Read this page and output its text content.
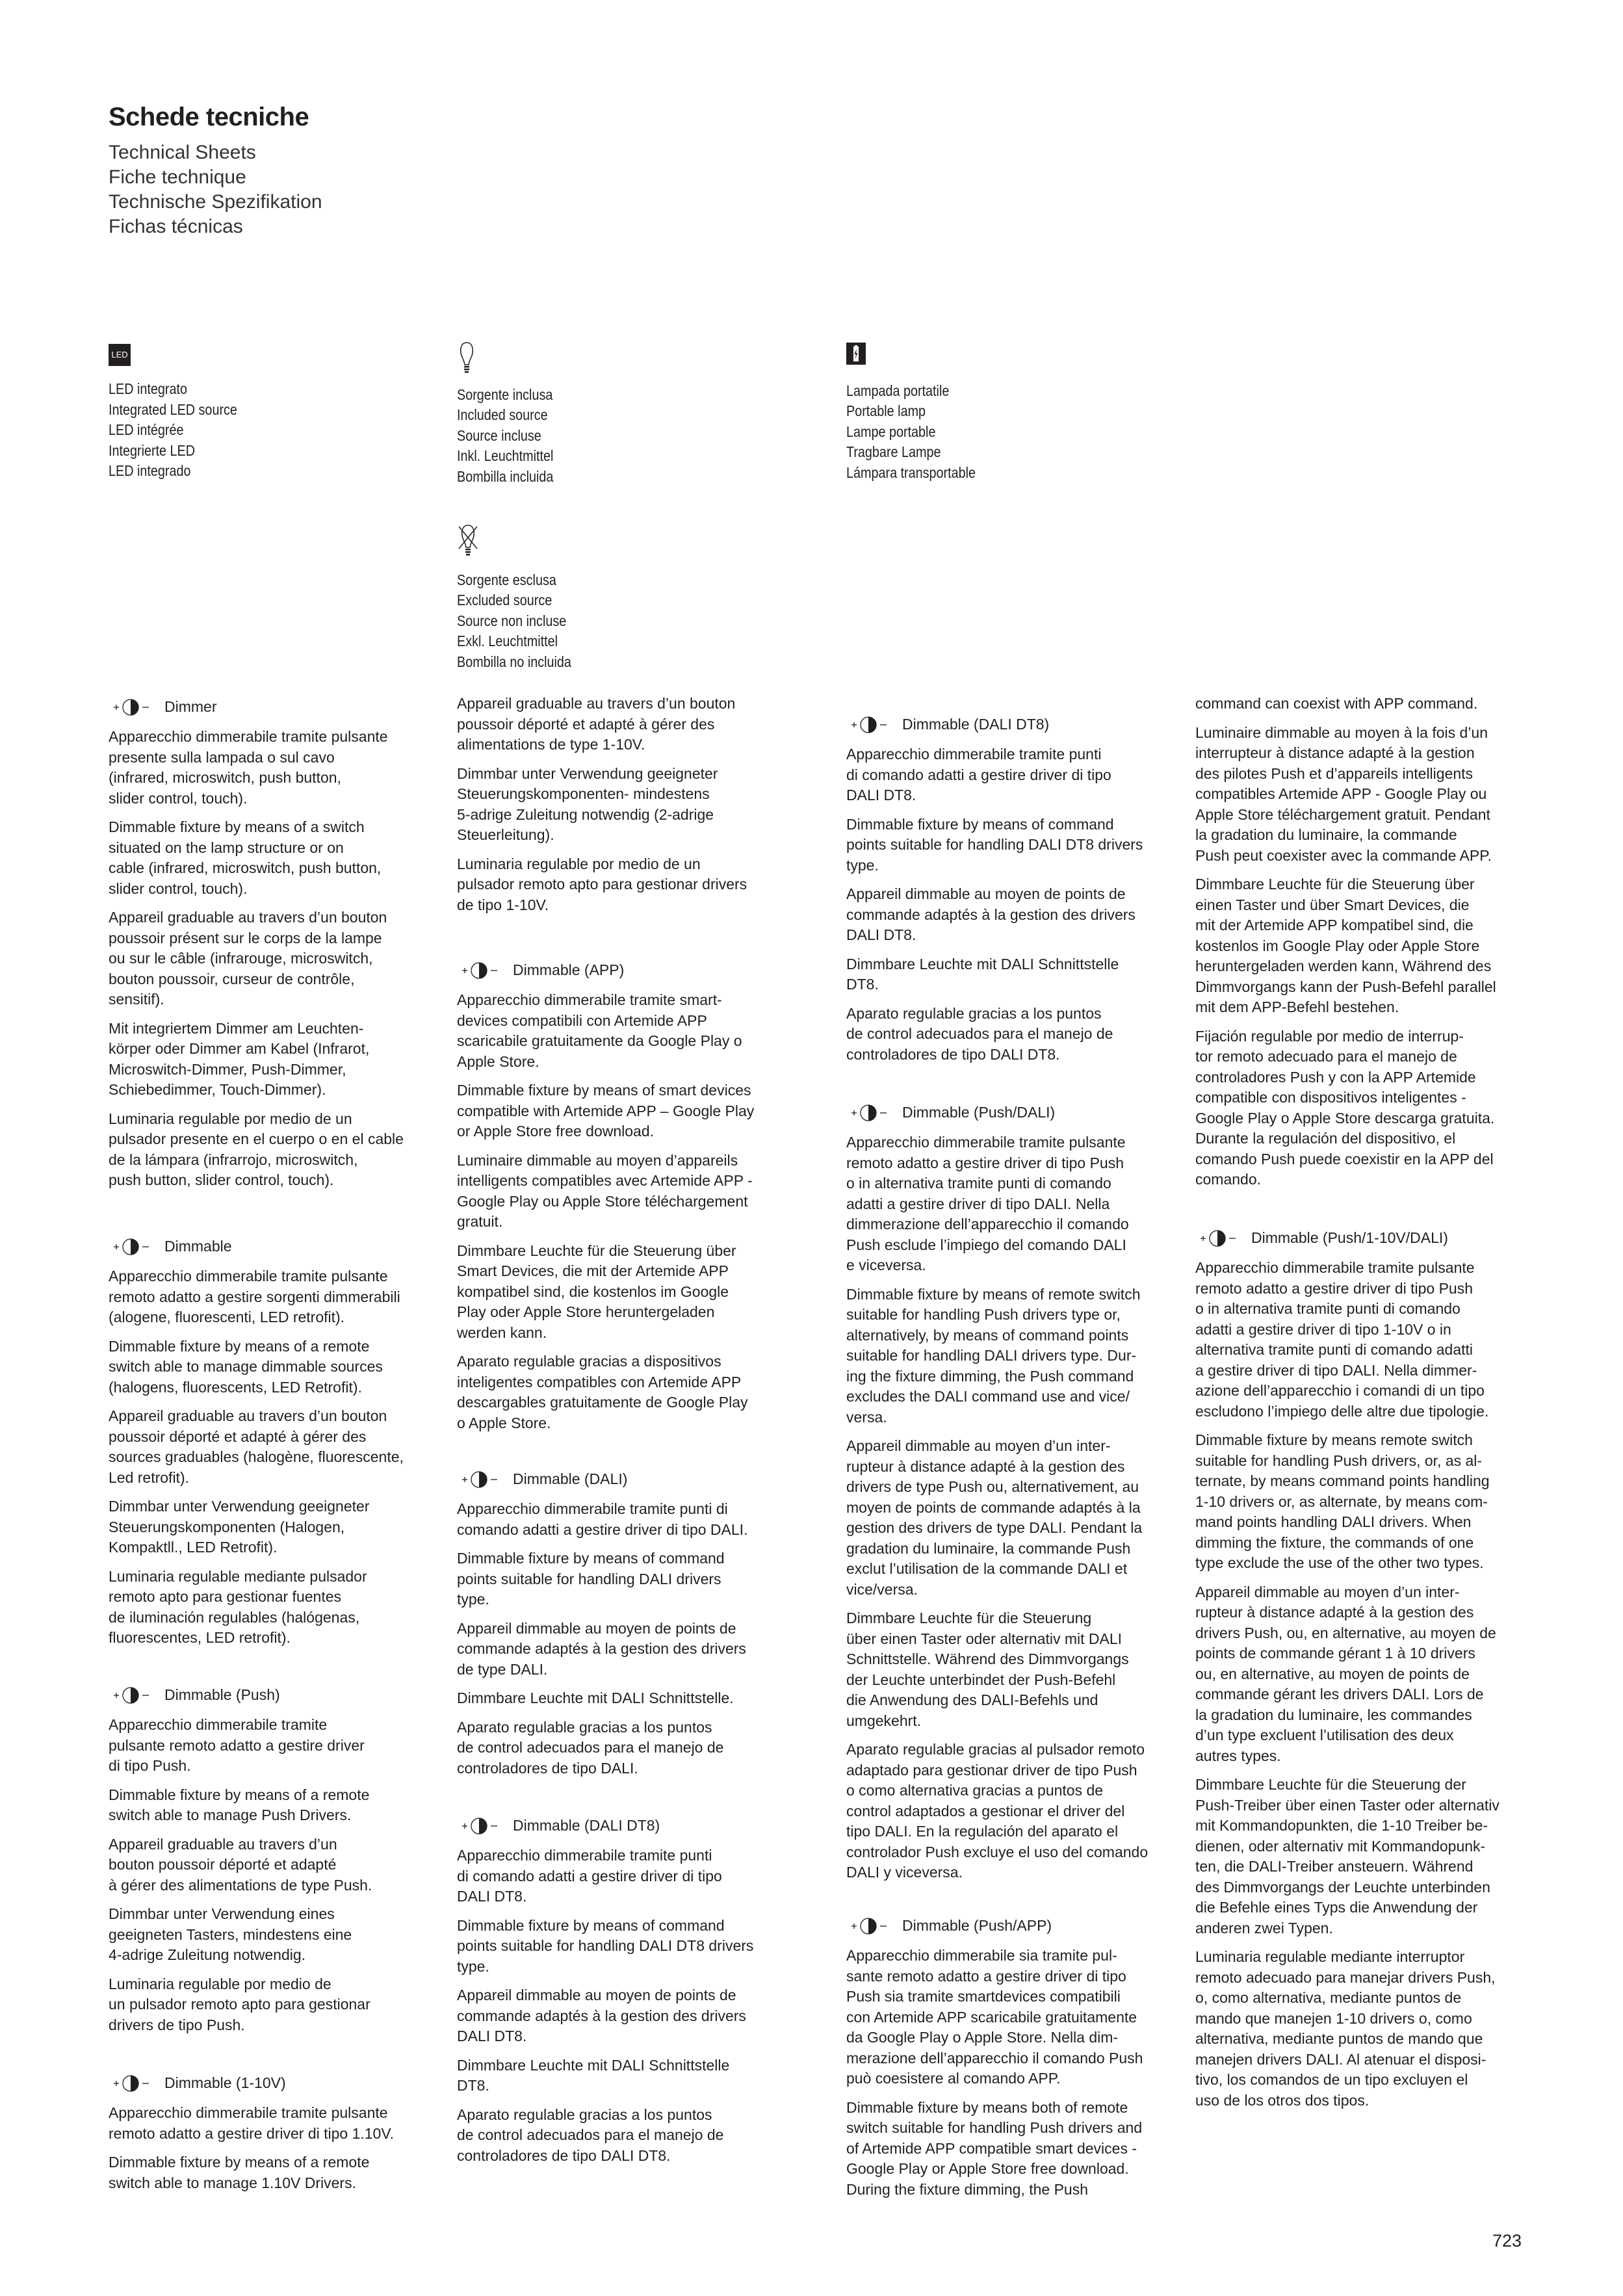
Schede tecniche
Technical Sheets
Fiche technique
Technische Spezifikation
Fichas técnicas
LED
LED integrato
Integrated LED source
LED intégrée
Integrierte LED
LED integrado
Sorgente inclusa
Included source
Source incluse
Inkl. Leuchtmittel
Bombilla incluida
Sorgente esclusa
Excluded source
Source non incluse
Exkl. Leuchtmittel
Bombilla no incluida
Lampada portatile
Portable lamp
Lampe portable
Tragbare Lampe
Lámpara transportable
Dimmer
Apparecchio dimmerabile tramite pulsante
presente sulla lampada o sul cavo
(infrared, microswitch, push button,
slider control, touch).
Dimmable fixture by means of a switch
situated on the lamp structure or on
cable (infrared, microswitch, push button,
slider control, touch).
Appareil graduable au travers d’un bouton
poussoir présent sur le corps de la lampe
ou sur le câble (infrarouge, microswitch,
bouton poussoir, curseur de contrôle,
sensitif).
Mit integriertem Dimmer am Leuchten-
körper oder Dimmer am Kabel (Infrarot,
Microswitch-Dimmer, Push-Dimmer,
Schiebedimmer, Touch-Dimmer).
Luminaria regulable por medio de un
pulsador presente en el cuerpo o en el cable
de la lámpara (infrarrojo, microswitch,
push button, slider control, touch).
Dimmable
Apparecchio dimmerabile tramite pulsante
remoto adatto a gestire sorgenti dimmerabili
(alogene, fluorescenti, LED retrofit).
Dimmable fixture by means of a remote
switch able to manage dimmable sources
(halogens, fluorescents, LED Retrofit).
Appareil graduable au travers d’un bouton
poussoir déporté et adapté à gérer des
sources graduables (halogène, fluorescente,
Led retrofit).
Dimmbar unter Verwendung geeigneter
Steuerungskomponenten (Halogen,
Kompaktll., LED Retrofit).
Luminaria regulable mediante pulsador
remoto apto para gestionar fuentes
de iluminación regulables (halógenas,
fluorescentes, LED retrofit).
Dimmable (Push)
Apparecchio dimmerabile tramite
pulsante remoto adatto a gestire driver
di tipo Push.
Dimmable fixture by means of a remote
switch able to manage Push Drivers.
Appareil graduable au travers d’un
bouton poussoir déporté et adapté
à gérer des alimentations de type Push.
Dimmbar unter Verwendung eines
geeigneten Tasters, mindestens eine
4-adrige Zuleitung notwendig.
Luminaria regulable por medio de
un pulsador remoto apto para gestionar
drivers de tipo Push.
Dimmable (1-10V)
Apparecchio dimmerabile tramite pulsante
remoto adatto a gestire driver di tipo 1.10V.
Dimmable fixture by means of a remote
switch able to manage 1.10V Drivers.
Appareil graduable au travers d’un bouton
poussoir déporté et adapté à gérer des
alimentations de type 1-10V.
Dimmbar unter Verwendung geeigneter
Steuerungskomponenten- mindestens
5-adrige Zuleitung notwendig (2-adrige
Steuerleitung).
Luminaria regulable por medio de un
pulsador remoto apto para gestionar drivers
de tipo 1-10V.
Dimmable (APP)
Apparecchio dimmerabile tramite smart-
devices compatibili con Artemide APP
scaricabile gratuitamente da Google Play o
Apple Store.
Dimmable fixture by means of smart devices
compatible with Artemide APP – Google Play
or Apple Store free download.
Luminaire dimmable au moyen d’appareils
intelligents compatibles avec Artemide APP -
Google Play ou Apple Store téléchargement
gratuit.
Dimmbare Leuchte für die Steuerung über
Smart Devices, die mit der Artemide APP
kompatibel sind, die kostenlos im Google
Play oder Apple Store heruntergeladen
werden kann.
Aparato regulable gracias a dispositivos
inteligentes compatibles con Artemide APP
descargables gratuitamente de Google Play
o Apple Store.
Dimmable (DALI)
Apparecchio dimmerabile tramite punti di
comando adatti a gestire driver di tipo DALI.
Dimmable fixture by means of command
points suitable for handling DALI drivers
type.
Appareil dimmable au moyen de points de
commande adaptés à la gestion des drivers
de type DALI.
Dimmbare Leuchte mit DALI Schnittstelle.
Aparato regulable gracias a los puntos
de control adecuados para el manejo de
controladores de tipo DALI.
Dimmable (DALI DT8)
Apparecchio dimmerabile tramite punti
di comando adatti a gestire driver di tipo
DALI DT8.
Dimmable fixture by means of command
points suitable for handling DALI DT8 drivers
type.
Appareil dimmable au moyen de points de
commande adaptés à la gestion des drivers
DALI DT8.
Dimmbare Leuchte mit DALI Schnittstelle
DT8.
Aparato regulable gracias a los puntos
de control adecuados para el manejo de
controladores de tipo DALI DT8.
Dimmable (DALI DT8)
Apparecchio dimmerabile tramite punti
di comando adatti a gestire driver di tipo
DALI DT8.
Dimmable fixture by means of command
points suitable for handling DALI DT8 drivers
type.
Appareil dimmable au moyen de points de
commande adaptés à la gestion des drivers
DALI DT8.
Dimmbare Leuchte mit DALI Schnittstelle
DT8.
Aparato regulable gracias a los puntos
de control adecuados para el manejo de
controladores de tipo DALI DT8.
Dimmable (Push/DALI)
Apparecchio dimmerabile tramite pulsante
remoto adatto a gestire driver di tipo Push
o in alternativa tramite punti di comando
adatti a gestire driver di tipo DALI. Nella
dimmerazione dell’apparecchio il comando
Push esclude l’impiego del comando DALI
e viceversa.
Dimmable fixture by means of remote switch
suitable for handling Push drivers type or,
alternatively, by means of command points
suitable for handling DALI drivers type. Dur-
ing the fixture dimming, the Push command
excludes the DALI command use and vice/
versa.
Appareil dimmable au moyen d’un inter-
rupteur à distance adapté à la gestion des
drivers de type Push ou, alternativement, au
moyen de points de commande adaptés à la
gestion des drivers de type DALI. Pendant la
gradation du luminaire, la commande Push
exclut l’utilisation de la commande DALI et
vice/versa.
Dimmbare Leuchte für die Steuerung
über einen Taster oder alternativ mit DALI
Schnittstelle. Während des Dimmvorgangs
der Leuchte unterbindet der Push-Befehl
die Anwendung des DALI-Befehls und
umgekehrt.
Aparato regulable gracias al pulsador remoto
adaptado para gestionar driver de tipo Push
o como alternativa gracias a puntos de
control adaptados a gestionar el driver del
tipo DALI. En la regulación del aparato el
controlador Push excluye el uso del comando
DALI y viceversa.
Dimmable (Push/APP)
Apparecchio dimmerabile sia tramite pul-
sante remoto adatto a gestire driver di tipo
Push sia tramite smartdevices compatibili
con Artemide APP scaricabile gratuitamente
da Google Play o Apple Store. Nella dim-
merazione dell’apparecchio il comando Push
può coesistere al comando APP.
Dimmable fixture by means both of remote
switch suitable for handling Push drivers and
of Artemide APP compatible smart devices -
Google Play or Apple Store free download.
During the fixture dimming, the Push
command can coexist with APP command.
Luminaire dimmable au moyen à la fois d’un
interrupteur à distance adapté à la gestion
des pilotes Push et d’appareils intelligents
compatibles Artemide APP - Google Play ou
Apple Store téléchargement gratuit. Pendant
la gradation du luminaire, la commande
Push peut coexister avec la commande APP.
Dimmbare Leuchte für die Steuerung über
einen Taster und über Smart Devices, die
mit der Artemide APP kompatibel sind, die
kostenlos im Google Play oder Apple Store
heruntergeladen werden kann, Während des
Dimmvorgangs kann der Push-Befehl parallel
mit dem APP-Befehl bestehen.
Fijación regulable por medio de interrup-
tor remoto adecuado para el manejo de
controladores Push y con la APP Artemide
compatible con dispositivos inteligentes -
Google Play o Apple Store descarga gratuita.
Durante la regulación del dispositivo, el
comando Push puede coexistir en la APP del
comando.
Dimmable (Push/1-10V/DALI)
Apparecchio dimmerabile tramite pulsante
remoto adatto a gestire driver di tipo Push
o in alternativa tramite punti di comando
adatti a gestire driver di tipo 1-10V o in
alternativa tramite punti di comando adatti
a gestire driver di tipo DALI. Nella dimmer-
azione dell’apparecchio i comandi di un tipo
escludono l’impiego delle altre due tipologie.
Dimmable fixture by means remote switch
suitable for handling Push drivers, or, as al-
ternate, by means command points handling
1-10 drivers or, as alternate, by means com-
mand points handling DALI drivers. When
dimming the fixture, the commands of one
type exclude the use of the other two types.
Appareil dimmable au moyen d’un inter-
rupteur à distance adapté à la gestion des
drivers Push, ou, en alternative, au moyen de
points de commande gérant 1 à 10 drivers
ou, en alternative, au moyen de points de
commande gérant les drivers DALI. Lors de
la gradation du luminaire, les commandes
d’un type excluent l’utilisation des deux
autres types.
Dimmbare Leuchte für die Steuerung der
Push-Treiber über einen Taster oder alternativ
mit Kommandopunkten, die 1-10 Treiber be-
dienen, oder alternativ mit Kommandopunk-
ten, die DALI-Treiber ansteuern. Während
des Dimmvorgangs der Leuchte unterbinden
die Befehle eines Typs die Anwendung der
anderen zwei Typen.
Luminaria regulable mediante interruptor
remoto adecuado para manejar drivers Push,
o, como alternativa, mediante puntos de
mando que manejen 1-10 drivers o, como
alternativa, mediante puntos de mando que
manejen drivers DALI. Al atenuar el disposi-
tivo, los comandos de un tipo excluyen el
uso de los otros dos tipos.
723
